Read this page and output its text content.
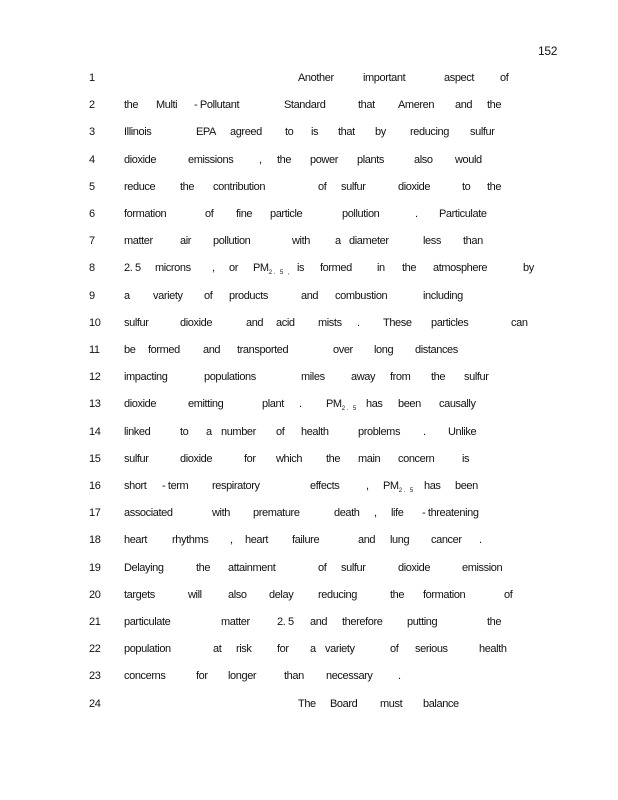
152
1	Another	important	aspect of
2	the Multi - Pollutant	Standard	that Ameren and the
3	Illinois	EPA agreed to is that by reducing sulfur
4	dioxide	emissions , the power plants	also would
5	reduce the contribution	of sulfur	dioxide	to the
6	formation	of fine particle	pollution	. Particulate
7	matter air pollution	with a diameter	less than
8	2. 5 microns , or $PM_{2. 5 ,}$ is formed in the atmosphere	by
9	a variety of products	and combustion	including
10	sulfur	dioxide	and acid mists . These particles	can
11	be formed and transported	over long distances
12	impacting	populations	miles away from the sulfur
13	dioxide	emitting	plant . $PM_{2. 5}$ has been causally
14	linked	to a number of health	problems . Unlike
15	sulfur	dioxide	for which the main concern	is
16	short - term respiratory	effects , $PM_{2. 5}$ has been
17	associated	with premature	death , life - threatening
18	heart rhythms , heart failure	and lung cancer .
19	Delaying	the attainment	of sulfur	dioxide	emission
20	targets	will also delay reducing	the formation	of
21	particulate	matter 2. 5 and therefore putting	the
22	population	at risk for a variety	of serious	health
23	concerns	for longer	than necessary .
24	The Board must balance
